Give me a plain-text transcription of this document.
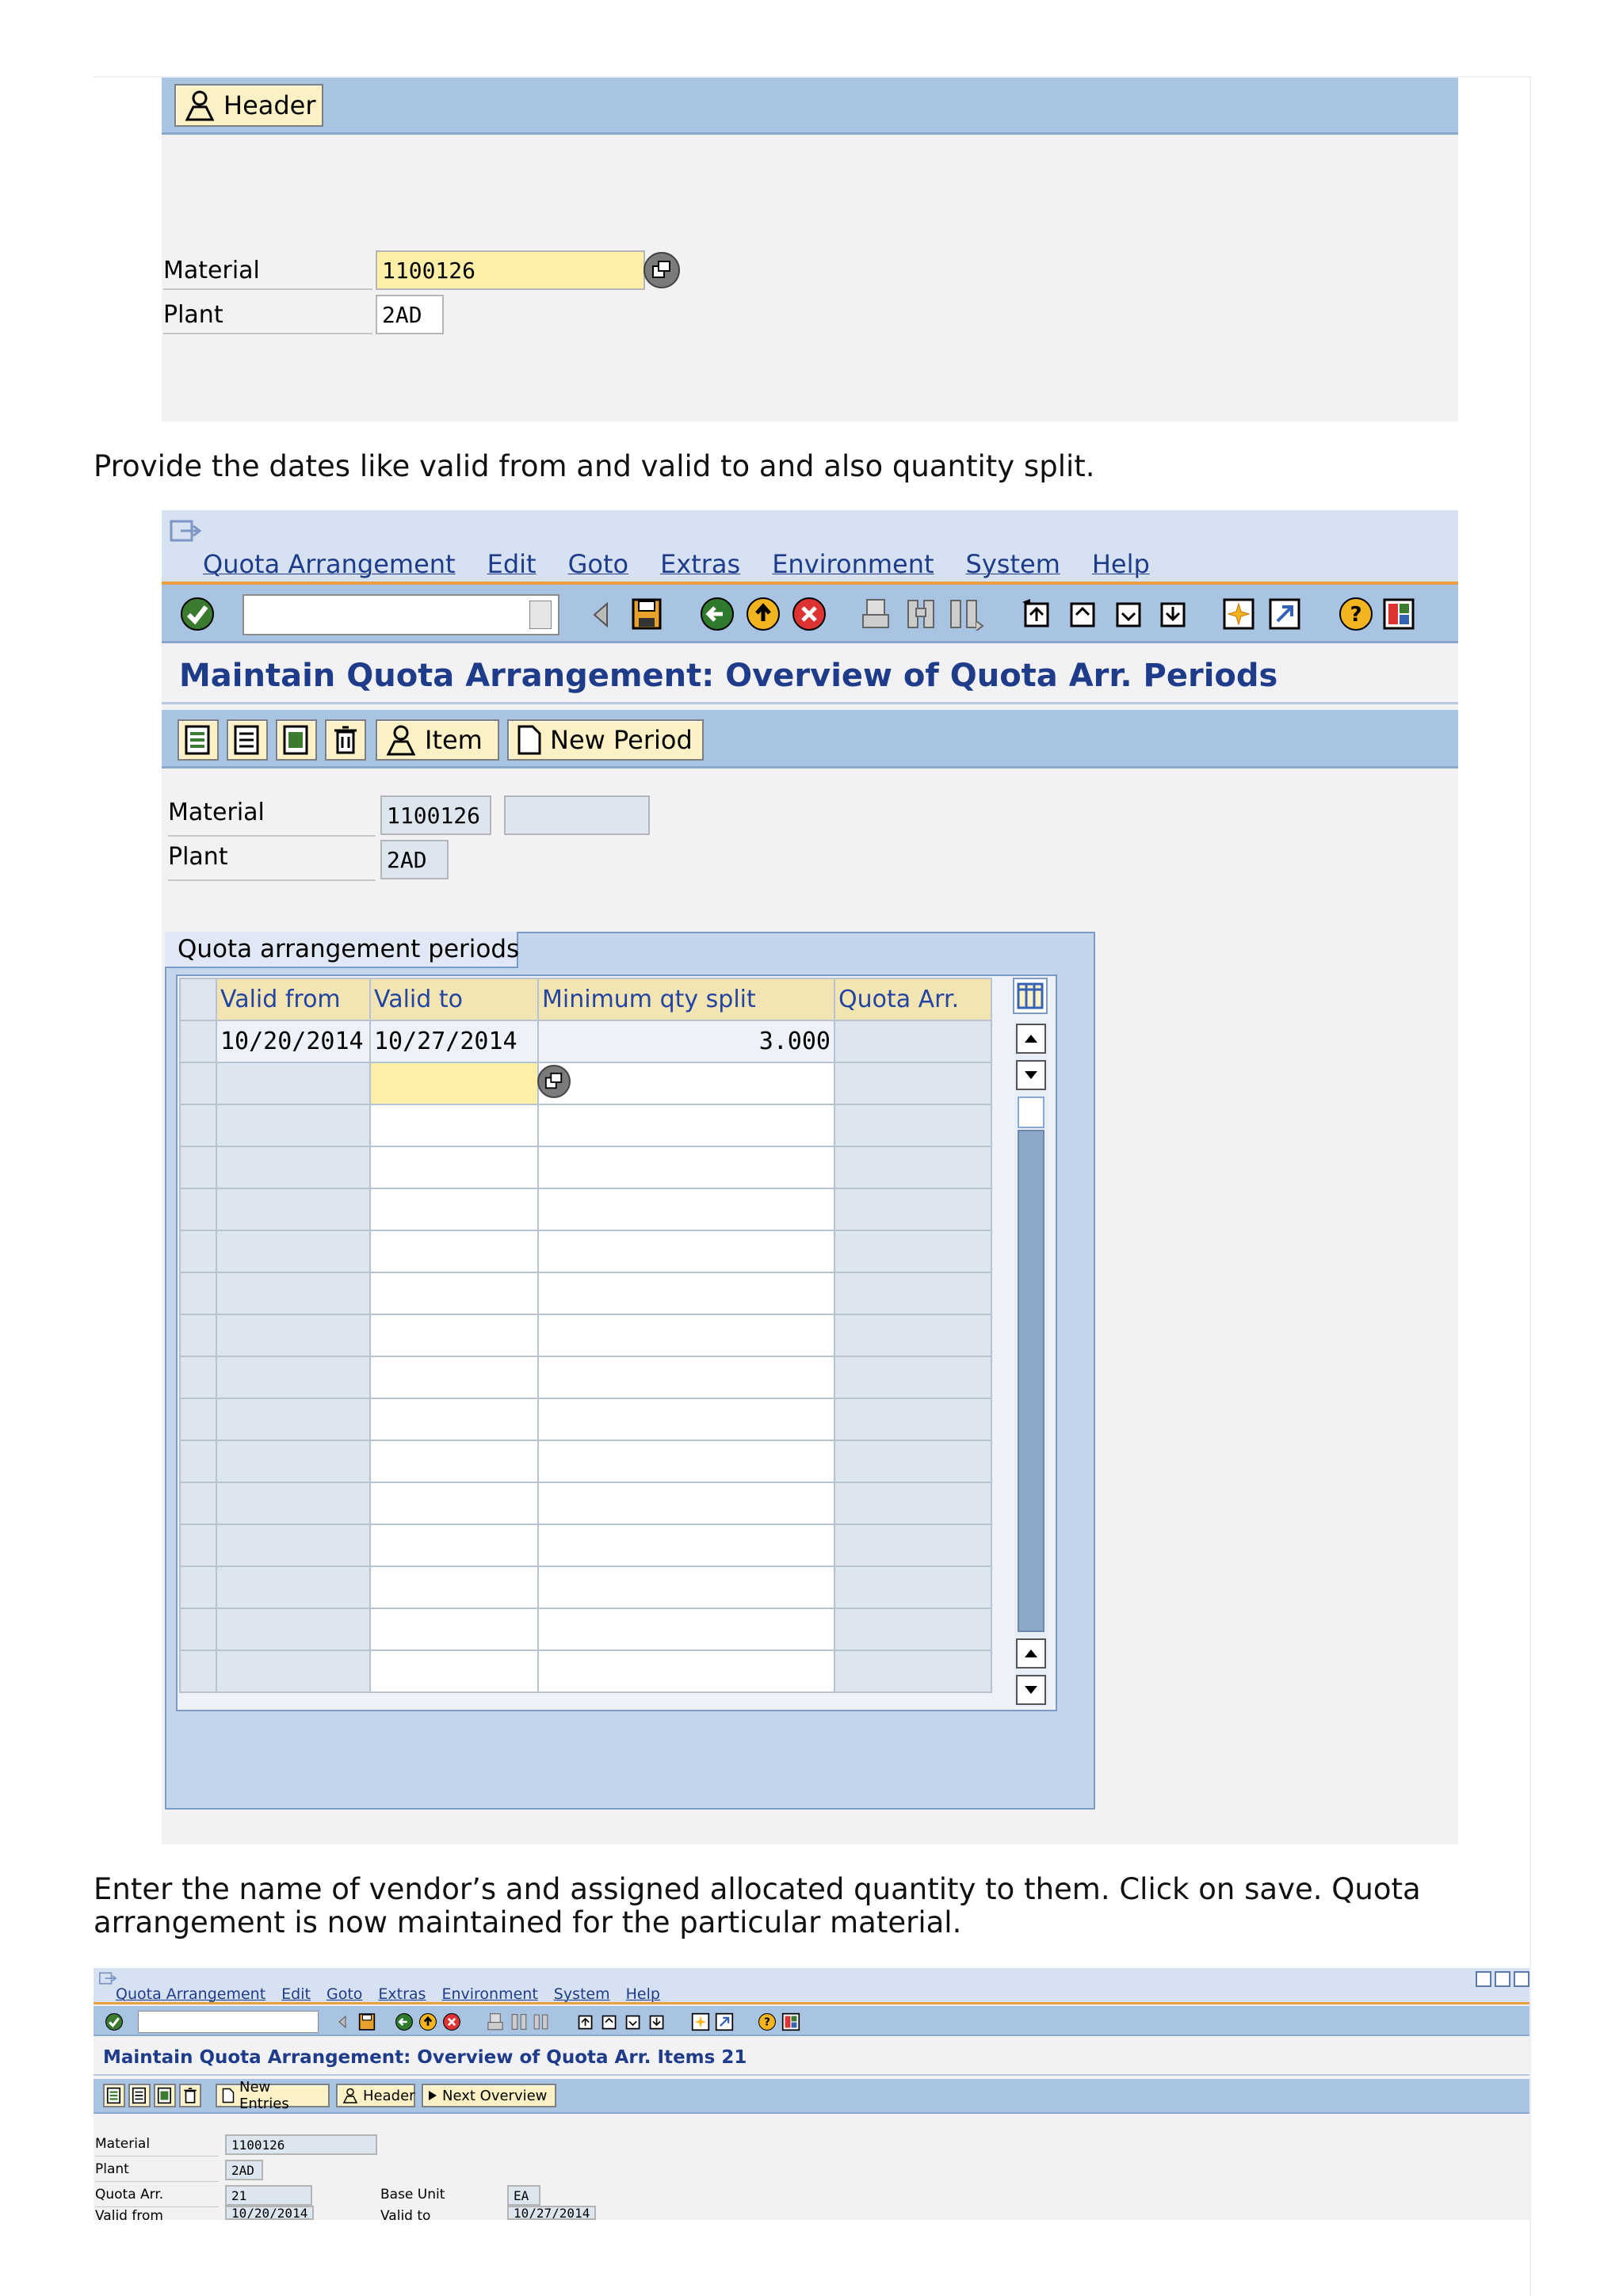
Header
Material	1100126
Plant	2AD
Provide the dates like valid from and valid to and also quantity split.
Quota Arrangement Edit Goto Extras Environment System Help
?
Maintain Quota Arrangement: Overview of Quota Arr. Periods
Item	New Period
Material	1100126
Plant	2AD
Quota arrangement periods
	Valid from	Valid to	Minimum qty split	Quota Arr.
	10/20/2014	10/27/2014	3.000	

Enter the name of vendor’s and assigned allocated quantity to them. Click on save. Quota arrangement is now maintained for the particular material.
Quota Arrangement Edit Goto Extras Environment System Help
?
Maintain Quota Arrangement: Overview of Quota Arr. Items 21
New Entries	Header Next Overview
Material	1100126
Plant	2AD
Quota Arr.	21	Base Unit	EA
Valid from	10/20/2014	Valid to	10/27/2014
